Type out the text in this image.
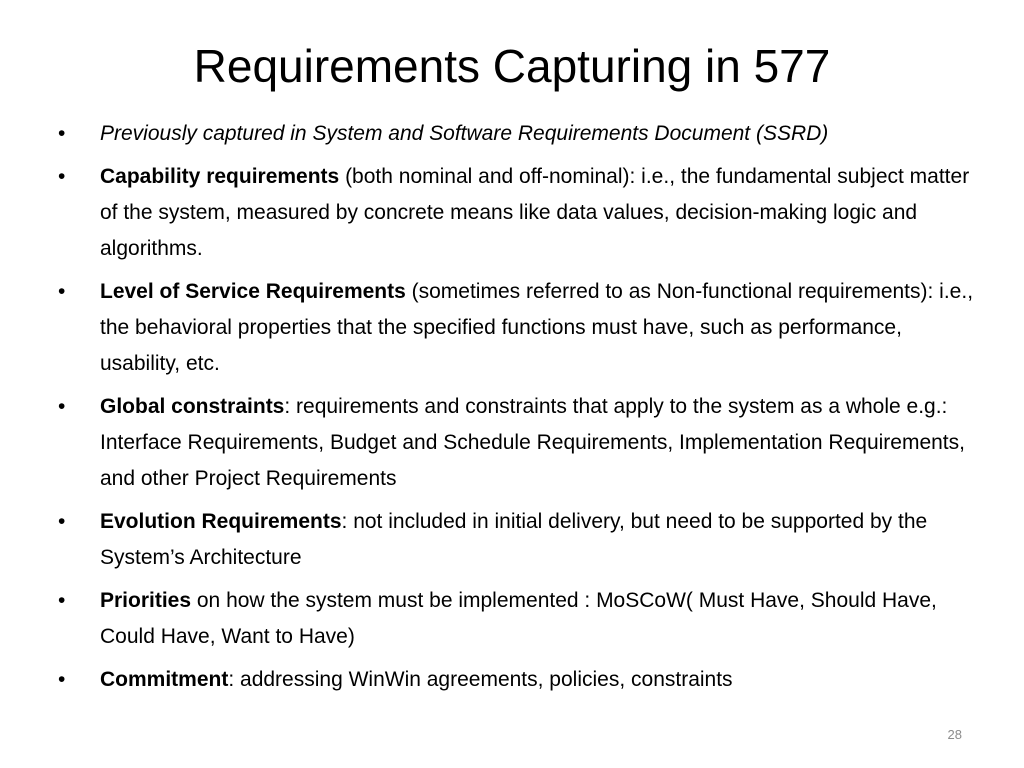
Requirements Capturing in 577
•	Previously captured in System and Software Requirements Document (SSRD)
•	Capability requirements (both nominal and off-nominal): i.e., the fundamental subject matter of the system, measured by concrete means like data values, decision-making logic and algorithms.
•	Level of Service Requirements (sometimes referred to as Non-functional requirements): i.e., the behavioral properties that the specified functions must have, such as performance, usability, etc.
•	Global constraints: requirements and constraints that apply to the system as a whole e.g.: Interface Requirements, Budget and Schedule Requirements, Implementation Requirements, and other Project Requirements
•	Evolution Requirements: not included in initial delivery, but need to be supported by the System’s Architecture
•	Priorities on how the system must be implemented : MoSCoW( Must Have, Should Have, Could Have, Want to Have)
•	Commitment: addressing WinWin agreements, policies, constraints
28
